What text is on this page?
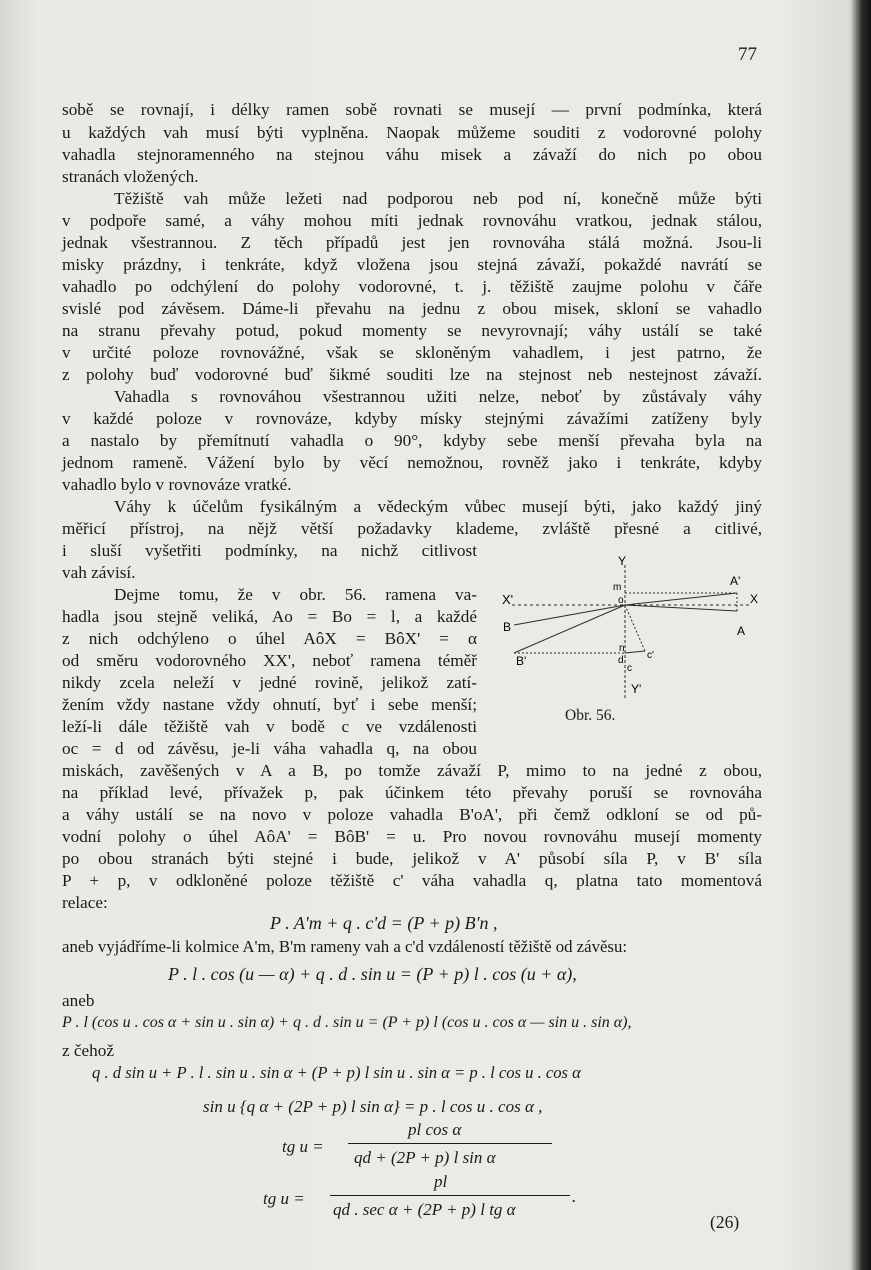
77
sobě se rovnají, i délky ramen sobě rovnati se musejí — první podmínka, která
u každých vah musí býti vyplněna. Naopak můžeme souditi z vodorovné polohy
vahadla stejnoramenného na stejnou váhu misek a závaží do nich po obou
stranách vložených.
Těžiště vah může ležeti nad podporou neb pod ní, konečně může býti
v podpoře samé, a váhy mohou míti jednak rovnováhu vratkou, jednak stálou,
jednak všestrannou. Z těch případů jest jen rovnováha stálá možná. Jsou-li
misky prázdny, i tenkráte, když vložena jsou stejná závaží, pokaždé navrátí se
vahadlo po odchýlení do polohy vodorovné, t. j. těžiště zaujme polohu v čáře
svislé pod závěsem. Dáme-li převahu na jednu z obou misek, skloní se vahadlo
na stranu převahy potud, pokud momenty se nevyrovnají; váhy ustálí se také
v určité poloze rovnovážné, však se skloněným vahadlem, i jest patrno, že
z polohy buď vodorovné buď šikmé souditi lze na stejnost neb nestejnost závaží.
Vahadla s rovnováhou všestrannou užiti nelze, neboť by zůstávaly váhy
v každé poloze v rovnováze, kdyby mísky stejnými závažími zatíženy byly
a nastalo by přemítnutí vahadla o 90°, kdyby sebe menší převaha byla na
jednom rameně. Vážení bylo by věcí nemožnou, rovněž jako i tenkráte, kdyby
vahadlo bylo v rovnováze vratké.
Váhy k účelům fysikálným a vědeckým vůbec musejí býti, jako každý jiný
měřicí přístroj, na nějž větší požadavky klademe, zvláště přesné a citlivé,
i sluší vyšetřiti podmínky, na nichž citlivost
vah závisí.
Dejme tomu, že v obr. 56. ramena va-
hadla jsou stejně veliká, Ao = Bo = l, a každé
z nich odchýleno o úhel AôX = BôX' = α
od směru vodorovného XX', neboť ramena téměř
nikdy zcela neleží v jedné rovině, jelikož zatí-
žením vždy nastane vždy ohnutí, byť i sebe menší;
leží-li dále těžiště vah v bodě c ve vzdálenosti
oc = d od závěsu, je-li váha vahadla q, na obou
Y
m
o
X'	X
A'
A
B
B'
n
d
c
c'
Y'
Obr. 56.
miskách, zavěšených v A a B, po tomže závaží P, mimo to na jedné z obou,
na příklad levé, přívažek p, pak účinkem této převahy poruší se rovnováha
a váhy ustálí se na novo v poloze vahadla B'oA', při čemž odkloní se od pů-
vodní polohy o úhel AôA' = BôB' = u. Pro novou rovnováhu musejí momenty
po obou stranách býti stejné i bude, jelikož v A' působí síla P, v B' síla
P + p, v odkloněné poloze těžiště c' váha vahadla q, platna tato momentová
relace:
P . A'm + q . c'd = (P + p) B'n ,
aneb vyjádříme-li kolmice A'm, B'm rameny vah a c'd vzdáleností těžiště od závěsu:
P . l . cos (u — α) + q . d . sin u = (P + p) l . cos (u + α),
aneb
P . l (cos u . cos α + sin u . sin α) + q . d . sin u = (P + p) l (cos u . cos α — sin u . sin α),
z čehož
q . d sin u + P . l . sin u . sin α + (P + p) l sin u . sin α = p . l cos u . cos α
sin u {q α + (2P + p) l sin α} = p . l cos u . cos α ,
tg u =
pl cos α
qd + (2P + p) l sin α
tg u =
pl
qd . sec α + (2P + p) l tg α
.
(26)
